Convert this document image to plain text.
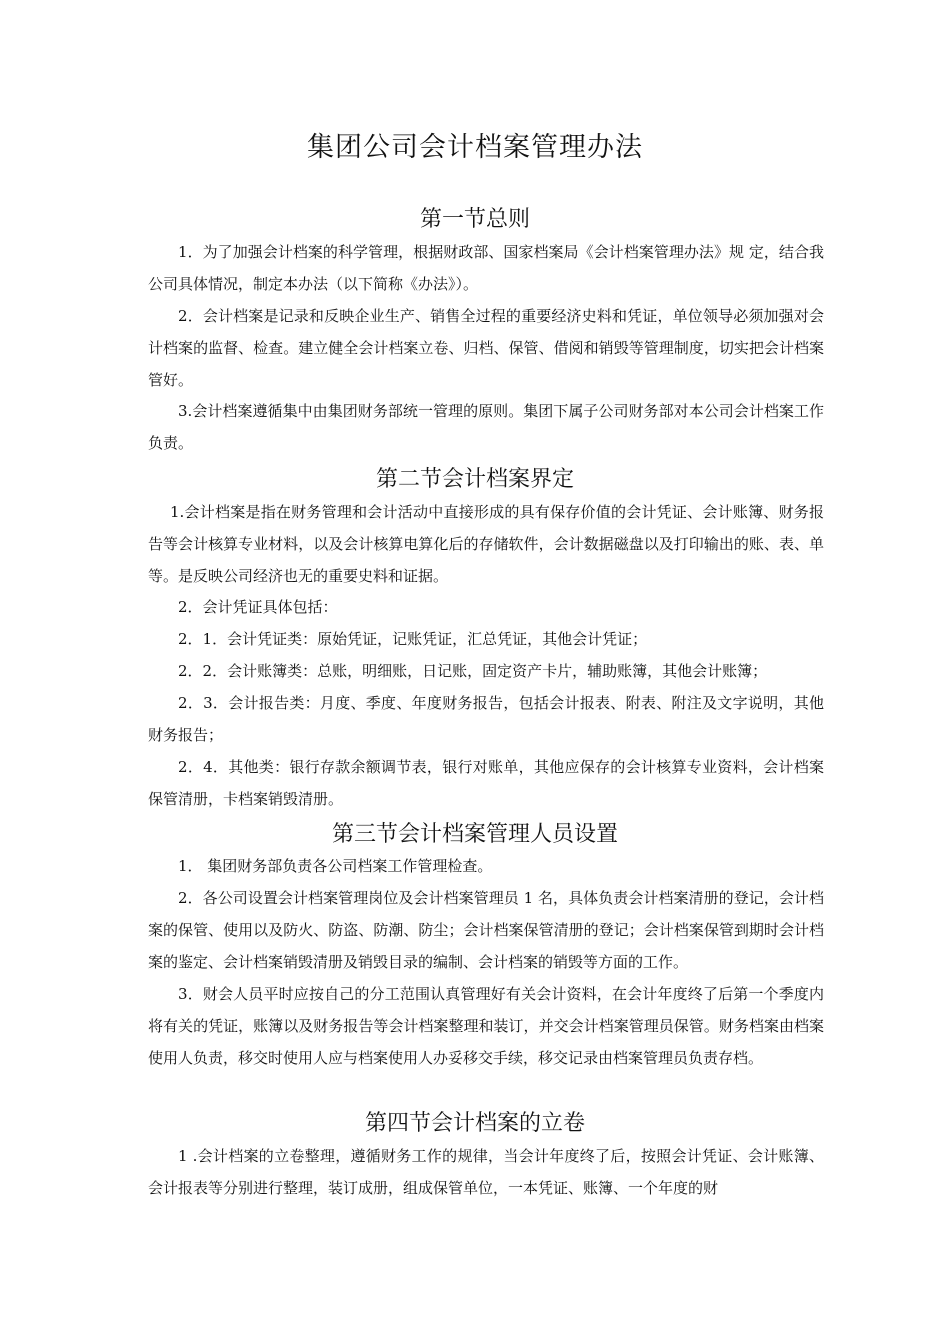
集团公司会计档案管理办法
第一节总则

1．为了加强会计档案的科学管理，根据财政部、国家档案局《会计档案管理办法》规 定，结合我公司具体情况，制定本办法（以下简称《办法》）。

2．会计档案是记录和反映企业生产、销售全过程的重要经济史料和凭证，单位领导必须加强对会计档案的监督、检查。建立健全会计档案立卷、归档、保管、借阅和销毁等管理制度，切实把会计档案管好。

3.会计档案遵循集中由集团财务部统一管理的原则。集团下属子公司财务部对本公司会计档案工作负责。

第二节会计档案界定

1.会计档案是指在财务管理和会计活动中直接形成的具有保存价值的会计凭证、会计账簿、财务报告等会计核算专业材料，以及会计核算电算化后的存储软件，会计数据磁盘以及打印输出的账、表、单等。是反映公司经济也无的重要史料和证据。

2．会计凭证具体包括：

2．1．会计凭证类：原始凭证，记账凭证，汇总凭证，其他会计凭证；

2．2．会计账簿类：总账，明细账，日记账，固定资产卡片，辅助账簿，其他会计账簿；

2．3．会计报告类：月度、季度、年度财务报告，包括会计报表、附表、附注及文字说明，其他财务报告；

2．4．其他类：银行存款余额调节表，银行对账单，其他应保存的会计核算专业资料，会计档案保管清册，卡档案销毁清册。

第三节会计档案管理人员设置

1． 集团财务部负责各公司档案工作管理检查。

2．各公司设置会计档案管理岗位及会计档案管理员 1 名，具体负责会计档案清册的登记，会计档案的保管、使用以及防火、防盗、防潮、防尘；会计档案保管清册的登记；会计档案保管到期时会计档案的鉴定、会计档案销毁清册及销毁目录的编制、会计档案的销毁等方面的工作。

3．财会人员平时应按自己的分工范围认真管理好有关会计资料，在会计年度终了后第一个季度内将有关的凭证，账簿以及财务报告等会计档案整理和装订，并交会计档案管理员保管。财务档案由档案使用人负责，移交时使用人应与档案使用人办妥移交手续，移交记录由档案管理员负责存档。

第四节会计档案的立卷

1 .会计档案的立卷整理，遵循财务工作的规律，当会计年度终了后，按照会计凭证、会计账簿、会计报表等分别进行整理，装订成册，组成保管单位，一本凭证、账簿、一个年度的财
